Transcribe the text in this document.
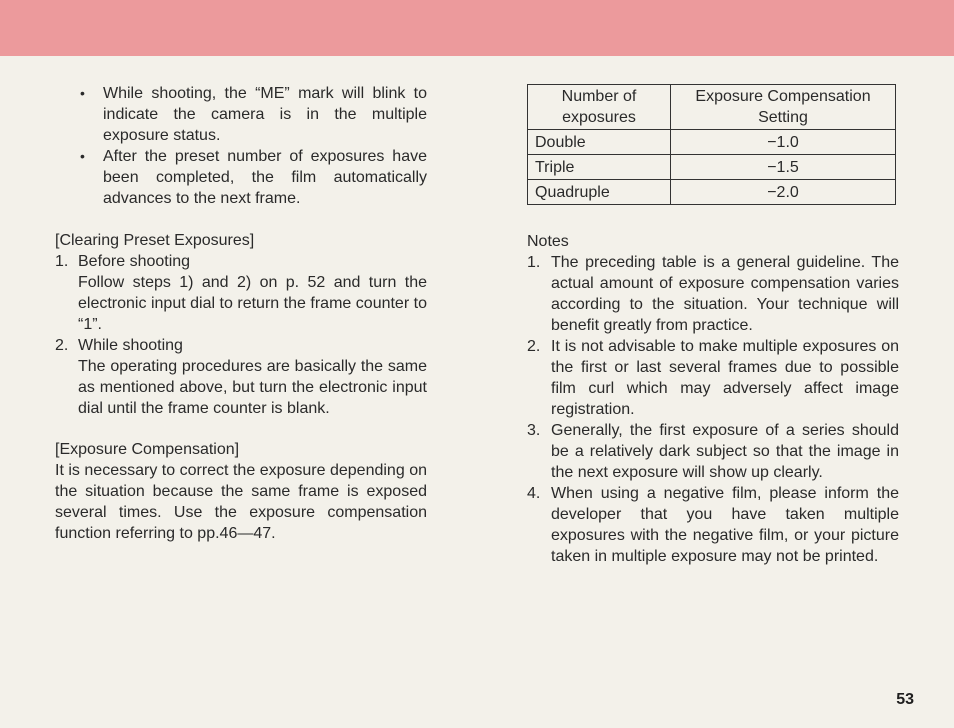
• While shooting, the “ME” mark will blink to indicate the camera is in the multiple exposure status.
• After the preset number of exposures have been completed, the film automatically advances to the next frame.
[Clearing Preset Exposures]
1. Before shooting
Follow steps 1) and 2) on p. 52 and turn the electronic input dial to return the frame counter to “1”.
2. While shooting
The operating procedures are basically the same as mentioned above, but turn the electronic input dial until the frame counter is blank.
[Exposure Compensation]

It is necessary to correct the exposure depending on the situation because the same frame is exposed several times. Use the exposure compensation function referring to pp.46—47.

Number of exposures	Exposure Compensation Setting
Double	−1.0
Triple	−1.5
Quadruple	−2.0
Notes
1. The preceding table is a general guideline. The actual amount of exposure compensation varies according to the situation. Your technique will benefit greatly from practice.
2. It is not advisable to make multiple exposures on the first or last several frames due to possible film curl which may adversely affect image registration.
3. Generally, the first exposure of a series should be a relatively dark subject so that the image in the next exposure will show up clearly.
4. When using a negative film, please inform the developer that you have taken multiple exposures with the negative film, or your picture taken in multiple exposure may not be printed.
53
